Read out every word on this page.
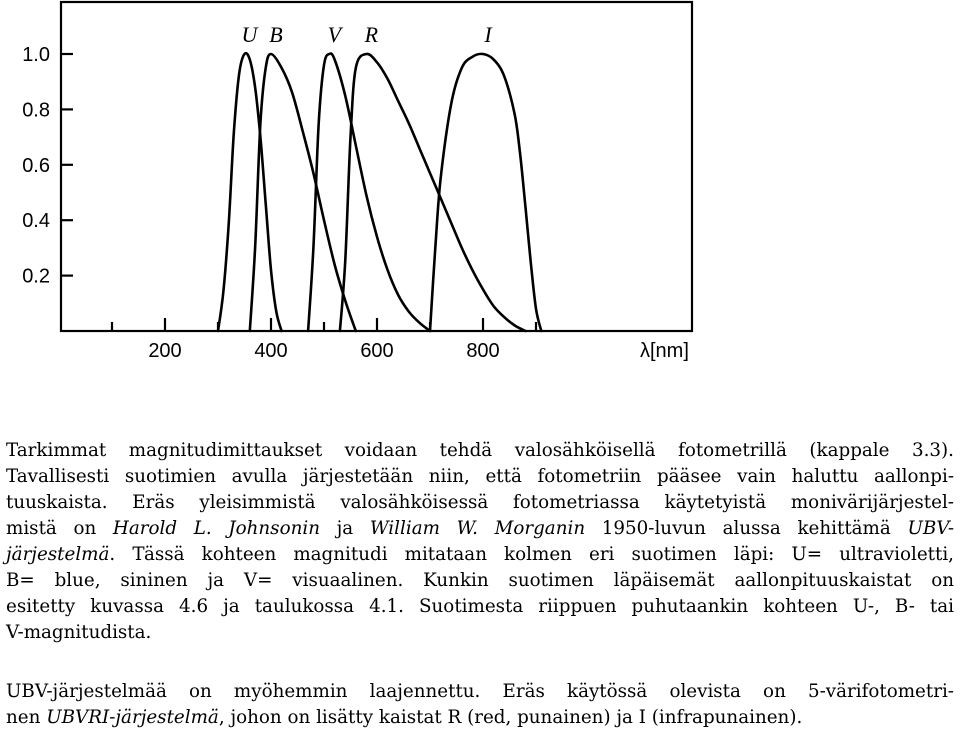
1.0
0.8
0.6
0.4
0.2
200	400	600	800
U B V R	I
λ[nm]
Tarkimmat magnitudimittaukset voidaan tehdä valosähköisellä fotometrillä (kappale 3.3).
Tavallisesti suotimien avulla järjestetään niin, että fotometriin pääsee vain haluttu aallonpi-
tuuskaista. Eräs yleisimmistä valosähköisessä fotometriassa käytetyistä monivärijärjestel-
mistä on Harold L. Johnsonin ja William W. Morganin 1950-luvun alussa kehittämä UBV-
järjestelmä. Tässä kohteen magnitudi mitataan kolmen eri suotimen läpi: U= ultravioletti,
B= blue, sininen ja V= visuaalinen. Kunkin suotimen läpäisemät aallonpituuskaistat on
esitetty kuvassa 4.6 ja taulukossa 4.1. Suotimesta riippuen puhutaankin kohteen U-, B- tai
V-magnitudista.
UBV-järjestelmää on myöhemmin laajennettu. Eräs käytössä olevista on 5-värifotometri-
nen UBVRI-järjestelmä, johon on lisätty kaistat R (red, punainen) ja I (infrapunainen).
